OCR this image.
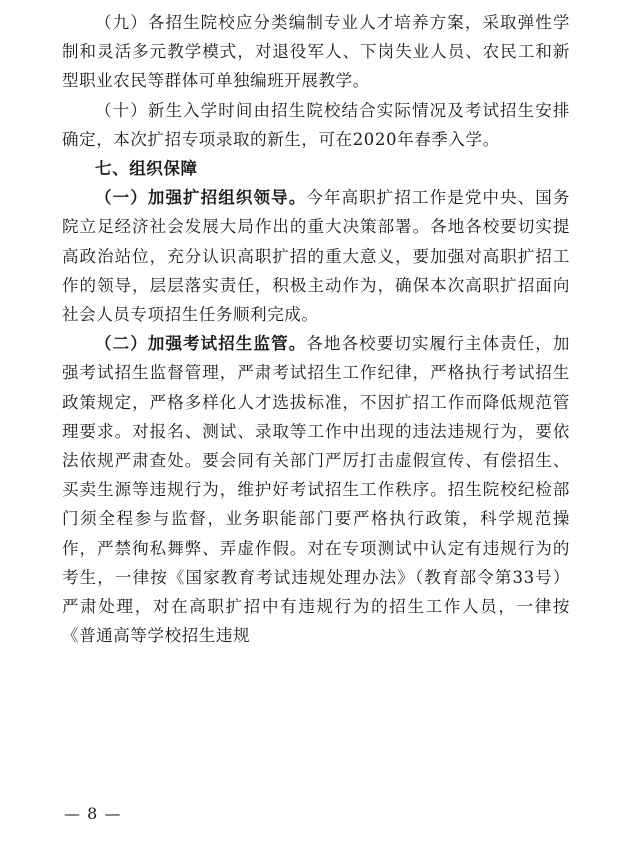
（九）各招生院校应分类编制专业人才培养方案，采取弹性学制和灵活多元教学模式，对退役军人、下岗失业人员、农民工和新型职业农民等群体可单独编班开展教学。

（十）新生入学时间由招生院校结合实际情况及考试招生安排确定，本次扩招专项录取的新生，可在2020年春季入学。

七、组织保障

（一）加强扩招组织领导。今年高职扩招工作是党中央、国务院立足经济社会发展大局作出的重大决策部署。各地各校要切实提高政治站位，充分认识高职扩招的重大意义，要加强对高职扩招工作的领导，层层落实责任，积极主动作为，确保本次高职扩招面向社会人员专项招生任务顺利完成。

（二）加强考试招生监管。各地各校要切实履行主体责任，加强考试招生监督管理，严肃考试招生工作纪律，严格执行考试招生政策规定，严格多样化人才选拔标准，不因扩招工作而降低规范管理要求。对报名、测试、录取等工作中出现的违法违规行为，要依法依规严肃查处。要会同有关部门严厉打击虚假宣传、有偿招生、买卖生源等违规行为，维护好考试招生工作秩序。招生院校纪检部门须全程参与监督，业务职能部门要严格执行政策，科学规范操作，严禁徇私舞弊、弄虚作假。对在专项测试中认定有违规行为的考生，一律按《国家教育考试违规处理办法》（教育部令第33号）严肃处理，对在高职扩招中有违规行为的招生工作人员，一律按《普通高等学校招生违规

— 8 —
